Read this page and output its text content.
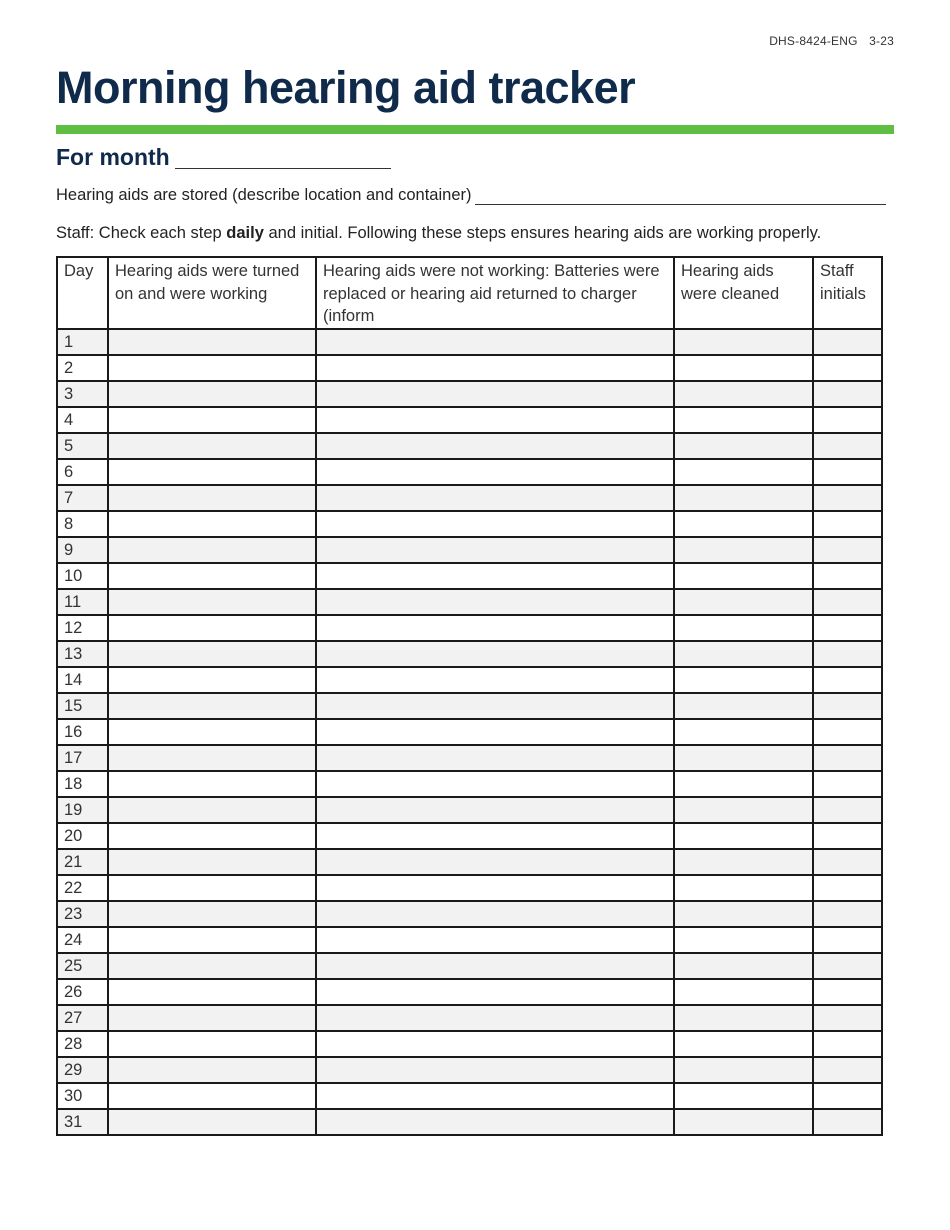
DHS-8424-ENG 3-23
Morning hearing aid tracker
For month
Hearing aids are stored (describe location and container)
Staff: Check each step daily and initial. Following these steps ensures hearing aids are working properly.
Day	Hearing aids were turned on and were working	Hearing aids were not working: Batteries were replaced or hearing aid returned to charger (inform	Hearing aids were cleaned	Staff initials
1				
2				
3				
4				
5				
6				
7				
8				
9				
10				
11				
12				
13				
14				
15				
16				
17				
18				
19				
20				
21				
22				
23				
24				
25				
26				
27				
28				
29				
30				
31				
